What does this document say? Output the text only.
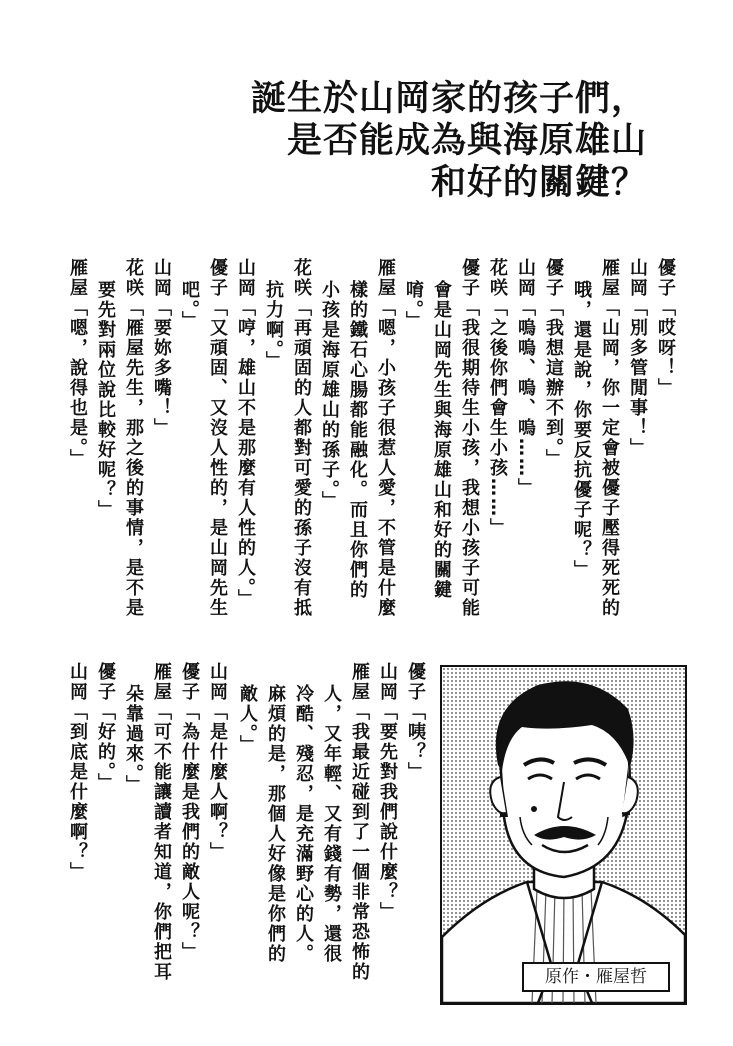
誕生於山岡家的孩子們，
是否能成為與海原雄山
和好的關鍵？
優子「哎呀！」
山岡「別多管閒事！」
雁屋「山岡，你一定會被優子壓得死死的
哦，還是說，你要反抗優子呢？」
優子「我想這辦不到。」
山岡「嗚嗚、嗚、嗚……」
花咲「之後你們會生小孩……」
優子「我很期待生小孩，我想小孩子可能
會是山岡先生與海原雄山和好的關鍵
唷。」
雁屋「嗯，小孩子很惹人愛，不管是什麼
樣的鐵石心腸都能融化。而且你們的
小孩是海原雄山的孫子。」
花咲「再頑固的人都對可愛的孫子沒有抵
抗力啊。」
山岡「哼，雄山不是那麼有人性的人。」
優子「又頑固、又沒人性的，是山岡先生
吧。」
山岡「要妳多嘴！」
花咲「雁屋先生，那之後的事情，是不是
要先對兩位說比較好呢？」
雁屋「嗯，說得也是。」
原作・雁屋哲
優子「咦？」
山岡「要先對我們說什麼？」
雁屋「我最近碰到了一個非常恐怖的
人，又年輕、又有錢有勢，還很
冷酷、殘忍，是充滿野心的人。
麻煩的是，那個人好像是你們的
敵人。」
山岡「是什麼人啊？」
優子「為什麼是我們的敵人呢？」
雁屋「可不能讓讀者知道，你們把耳
朵靠過來。」
優子「好的。」
山岡「到底是什麼啊？」
